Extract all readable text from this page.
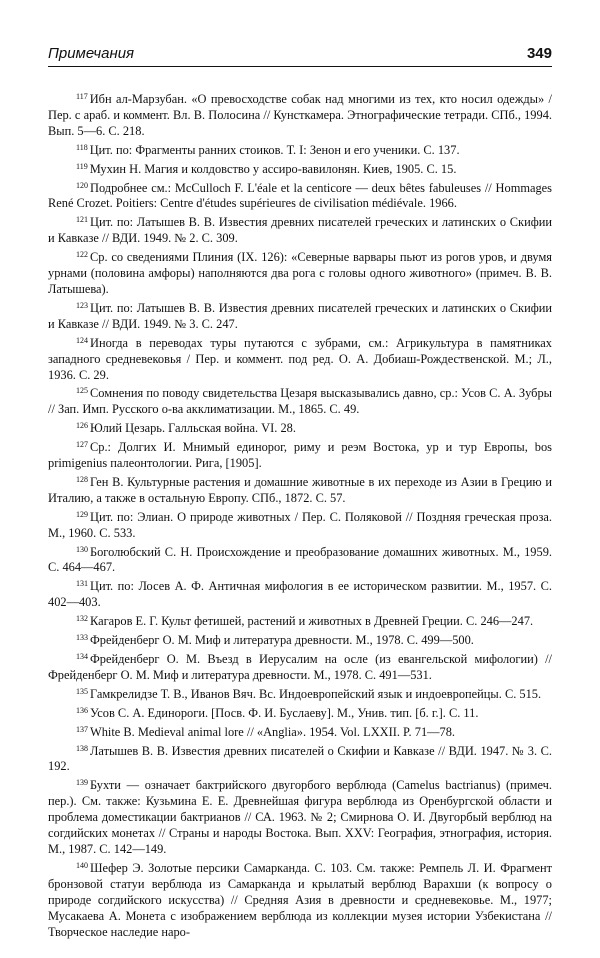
Примечания	349

$^{117}$ Ибн ал-Марзубан. «О превосходстве собак над многими из тех, кто носил одежды» / Пер. с араб. и коммент. Вл. В. Полосина // Кунсткамера. Этнографические тетради. СПб., 1994. Вып. 5—6. С. 218.

$^{118}$ Цит. по: Фрагменты ранних стоиков. Т. I: Зенон и его ученики. С. 137.

$^{119}$ Мухин Н. Магия и колдовство у ассиро-вавилонян. Киев, 1905. С. 15.

$^{120}$ Подробнее см.: McCulloch F. L'éale et la centicore — deux bêtes fabuleuses // Hommages René Crozet. Poitiers: Centre d'études supérieures de civilisation médiévale. 1966.

$^{121}$ Цит. по: Латышев В. В. Известия древних писателей греческих и латинских о Скифии и Кавказе // ВДИ. 1949. № 2. С. 309.

$^{122}$ Ср. со сведениями Плиния (IX. 126): «Северные варвары пьют из рогов уров, и двумя урнами (половина амфоры) наполняются два рога с головы одного животного» (примеч. В. В. Латышева).

$^{123}$ Цит. по: Латышев В. В. Известия древних писателей греческих и латинских о Скифии и Кавказе // ВДИ. 1949. № 3. С. 247.

$^{124}$ Иногда в переводах туры путаются с зубрами, см.: Агрикультура в памятниках западного средневековья / Пер. и коммент. под ред. О. А. Добиаш-Рождественской. М.; Л., 1936. С. 29.

$^{125}$ Сомнения по поводу свидетельства Цезаря высказывались давно, ср.: Усов С. А. Зубры // Зап. Имп. Русского о-ва акклиматизации. М., 1865. С. 49.

$^{126}$ Юлий Цезарь. Галльская война. VI. 28.

$^{127}$ Ср.: Долгих И. Мнимый единорог, риму и реэм Востока, ур и тур Европы, bos primigenius палеонтологии. Рига, [1905].

$^{128}$ Ген В. Культурные растения и домашние животные в их переходе из Азии в Грецию и Италию, а также в остальную Европу. СПб., 1872. С. 57.

$^{129}$ Цит. по: Элиан. О природе животных / Пер. С. Поляковой // Поздняя греческая проза. М., 1960. С. 533.

$^{130}$ Боголюбский С. Н. Происхождение и преобразование домашних животных. М., 1959. С. 464—467.

$^{131}$ Цит. по: Лосев А. Ф. Античная мифология в ее историческом развитии. М., 1957. С. 402—403.

$^{132}$ Кагаров Е. Г. Культ фетишей, растений и животных в Древней Греции. С. 246—247.

$^{133}$ Фрейденберг О. М. Миф и литература древности. М., 1978. С. 499—500.

$^{134}$ Фрейденберг О. М. Въезд в Иерусалим на осле (из евангельской мифологии) // Фрейденберг О. М. Миф и литература древности. М., 1978. С. 491—531.

$^{135}$ Гамкрелидзе Т. В., Иванов Вяч. Вс. Индоевропейский язык и индоевропейцы. С. 515.

$^{136}$ Усов С. А. Единороги. [Посв. Ф. И. Буслаеву]. М., Унив. тип. [б. г.]. С. 11.

$^{137}$ White B. Medieval animal lore // «Anglia». 1954. Vol. LXXII. P. 71—78.

$^{138}$ Латышев В. В. Известия древних писателей о Скифии и Кавказе // ВДИ. 1947. № 3. С. 192.

$^{139}$ Бухти — означает бактрийского двугорбого верблюда (Camelus bactrianus) (примеч. пер.). См. также: Кузьмина Е. Е. Древнейшая фигура верблюда из Оренбургской области и проблема доместикации бактрианов // СА. 1963. № 2; Смирнова О. И. Двугорбый верблюд на согдийских монетах // Страны и народы Востока. Вып. XXV: География, этнография, история. М., 1987. С. 142—149.

$^{140}$ Шефер Э. Золотые персики Самарканда. С. 103. См. также: Ремпель Л. И. Фрагмент бронзовой статуи верблюда из Самарканда и крылатый верблюд Варахши (к вопросу о природе согдийского искусства) // Средняя Азия в древности и средневековье. М., 1977; Мусакаева А. Монета с изображением верблюда из коллекции музея истории Узбекистана // Творческое наследие наро-
